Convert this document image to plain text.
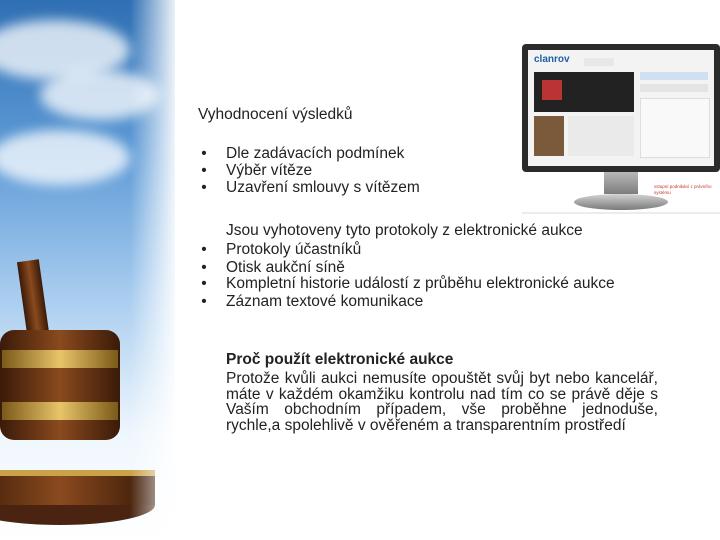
clanrov
vstupní podnikání z právního systému
Vyhodnocení výsledků
• Dle zadávacích podmínek
• Výběr vítěze
• Uzavření smlouvy s vítězem
Jsou vyhotoveny tyto protokoly z elektronické aukce
• Protokoly účastníků
• Otisk aukční síně
• Kompletní historie událostí z průběhu elektronické aukce
• Záznam textové komunikace
Proč použít elektronické aukce

Protože kvůli aukci nemusíte opouštět svůj byt nebo kancelář, máte v každém okamžiku kontrolu nad tím co se právě děje s Vaším obchodním případem, vše proběhne jednoduše, rychle,a spolehlivě v ověřeném a transparentním prostředí
